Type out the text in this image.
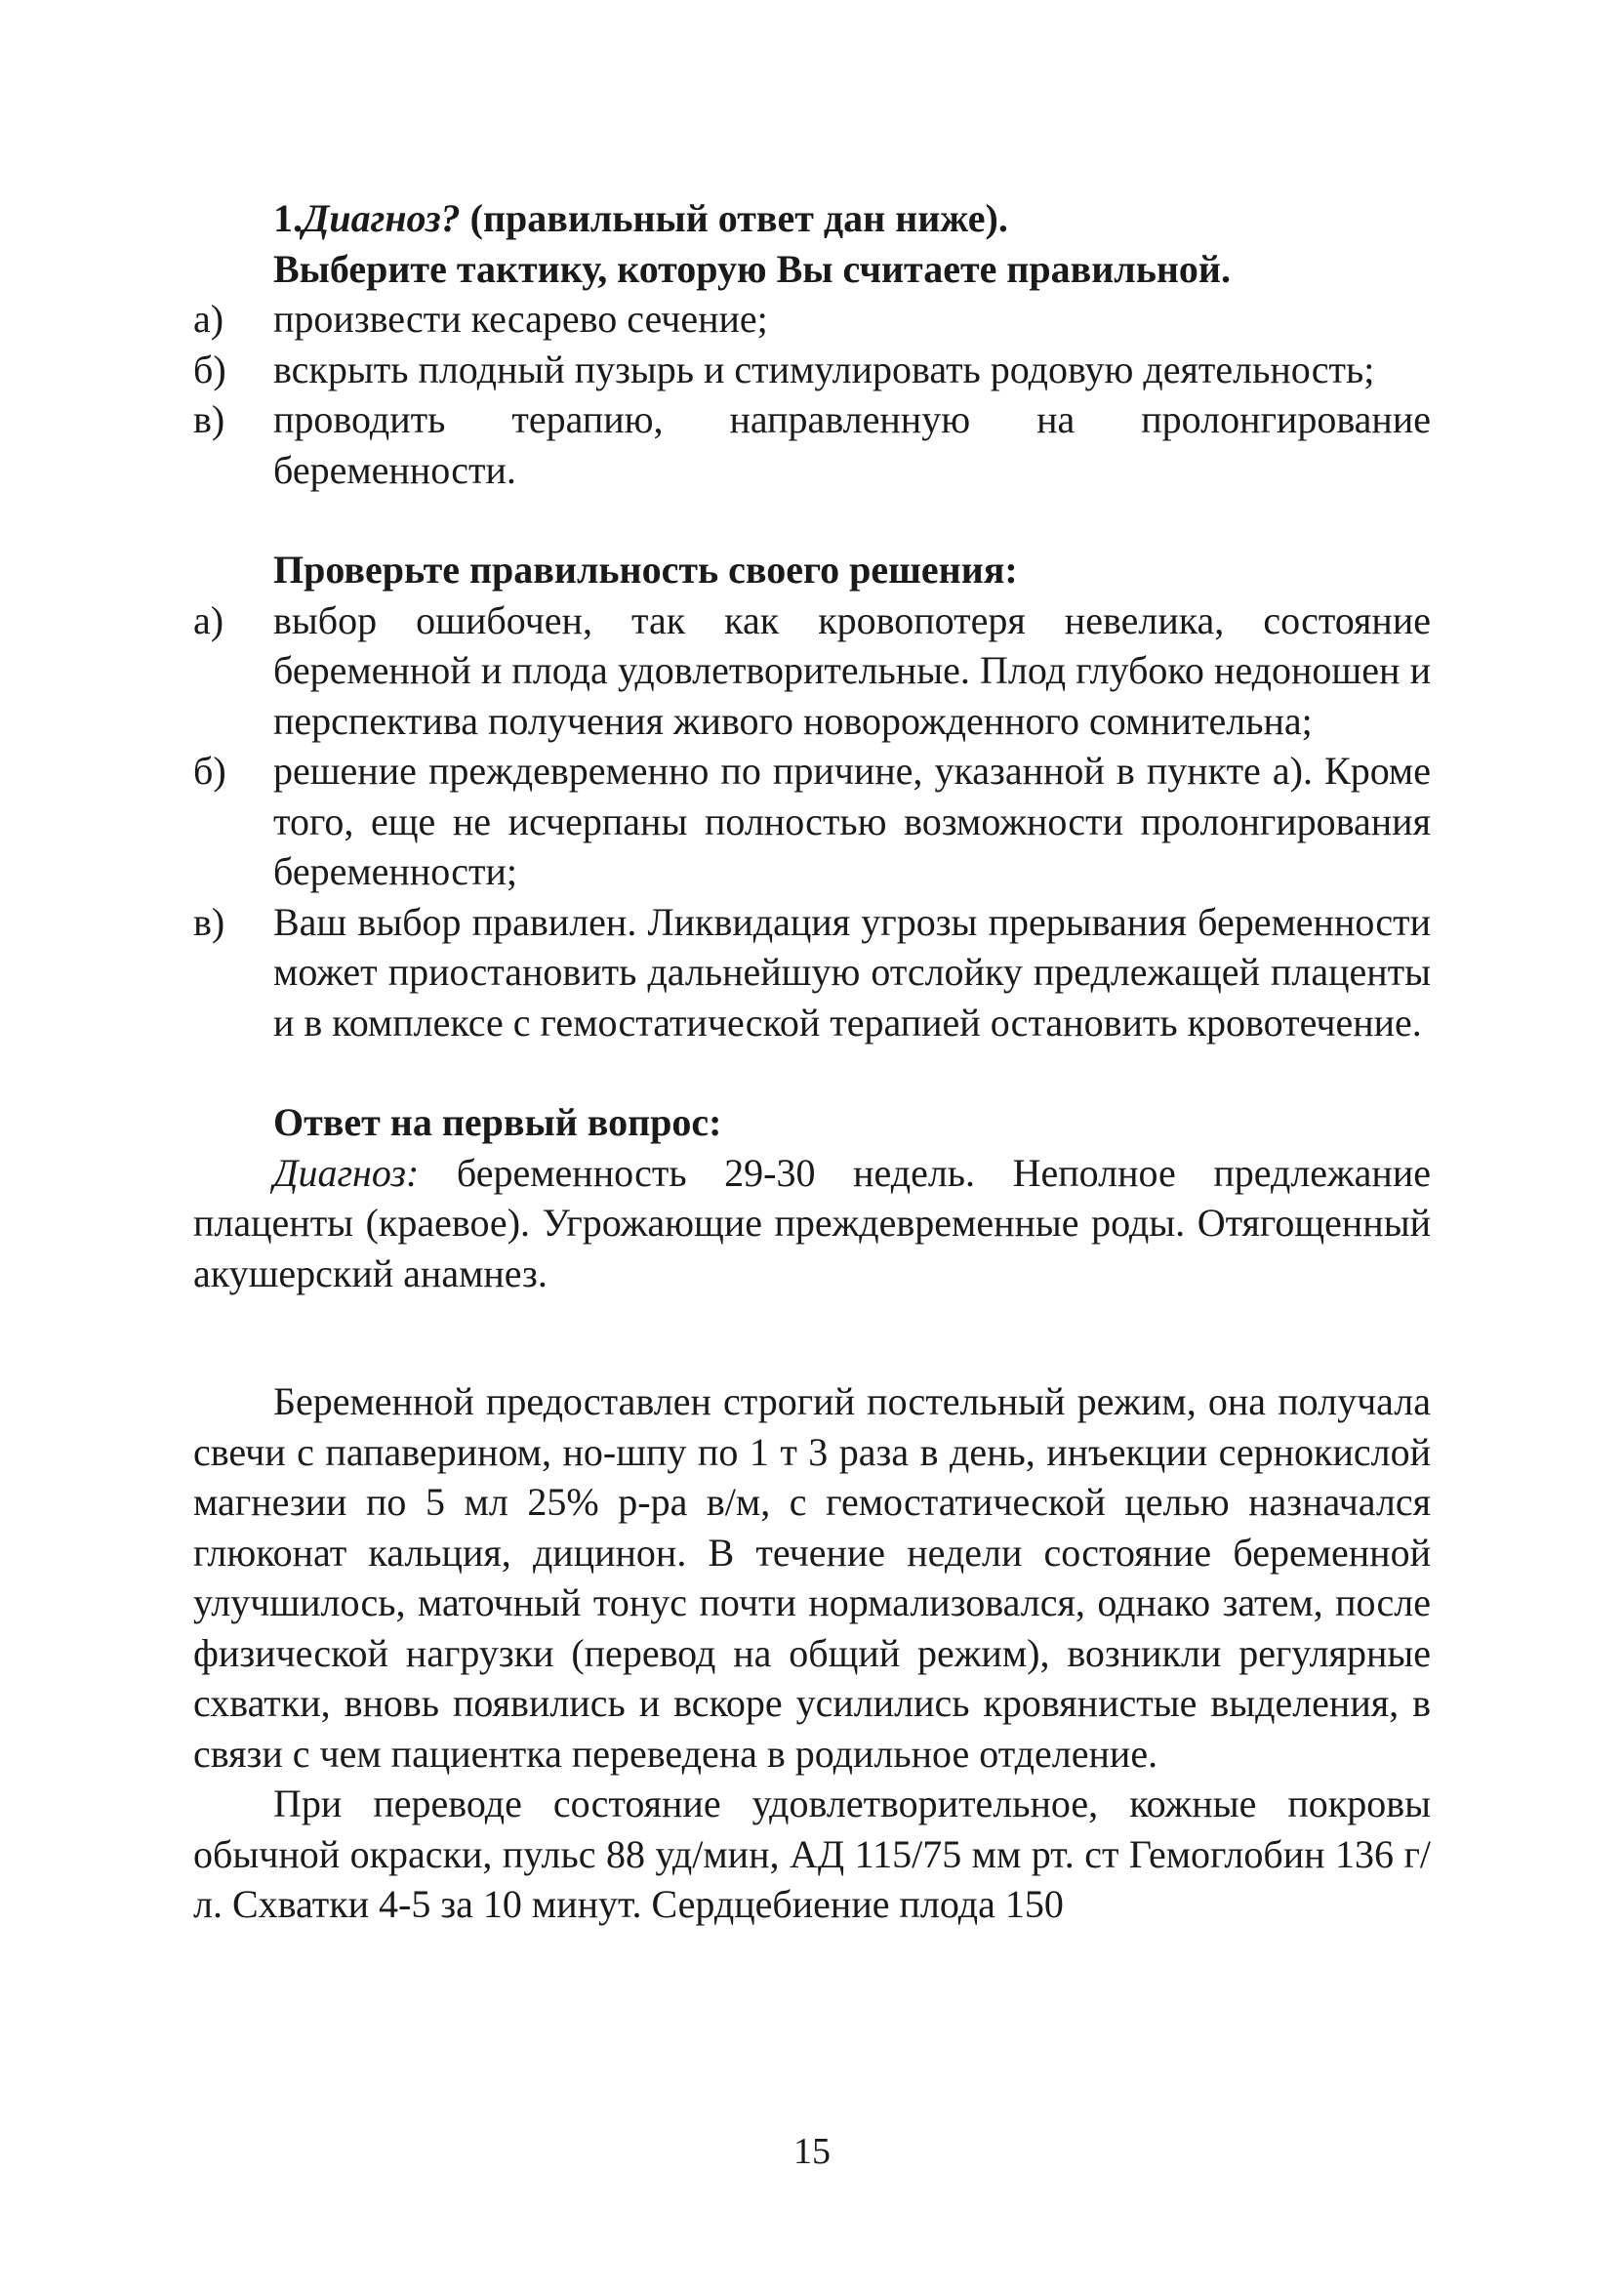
1.Диагноз? (правильный ответ дан ниже).
Выберите тактику, которую Вы считаете правильной.
а)	произвести кесарево сечение;
б)	вскрыть плодный пузырь и стимулировать родовую деятельность;
в)	проводить терапию, направленную на пролонгирование беременности.
Проверьте правильность своего решения:
а)	выбор ошибочен, так как кровопотеря невелика, состояние беременной и плода удовлетворительные. Плод глубоко недоношен и перспектива получения живого новорожденного сомнительна;
б)	решение преждевременно по причине, указанной в пункте а). Кроме того, еще не исчерпаны полностью возможности пролонгирования беременности;
в)	Ваш выбор правилен. Ликвидация угрозы прерывания беременности может приостановить дальнейшую отслойку предлежащей плаценты и в комплексе с гемостатической терапией остановить кровотечение.
Ответ на первый вопрос:
Диагноз: беременность 29-30 недель. Неполное предлежание плаценты (краевое). Угрожающие преждевременные роды. Отягощенный акушерский анамнез.
Беременной предоставлен строгий постельный режим, она получала свечи с папаверином, но-шпу по 1 т 3 раза в день, инъекции сернокислой магнезии по 5 мл 25% р-ра в/м, с гемостатической целью назначался глюконат кальция, дицинон. В течение недели состояние беременной улучшилось, маточный тонус почти нормализовался, однако затем, после физической нагрузки (перевод на общий режим), возникли регулярные схватки, вновь появились и вскоре усилились кровянистые выделения, в связи с чем пациентка переведена в родильное отделение.
При переводе состояние удовлетворительное, кожные покровы обычной окраски, пульс 88 уд/мин, АД 115/75 мм рт. ст Гемоглобин 136 г/л. Схватки 4-5 за 10 минут. Сердцебиение плода 150
15
